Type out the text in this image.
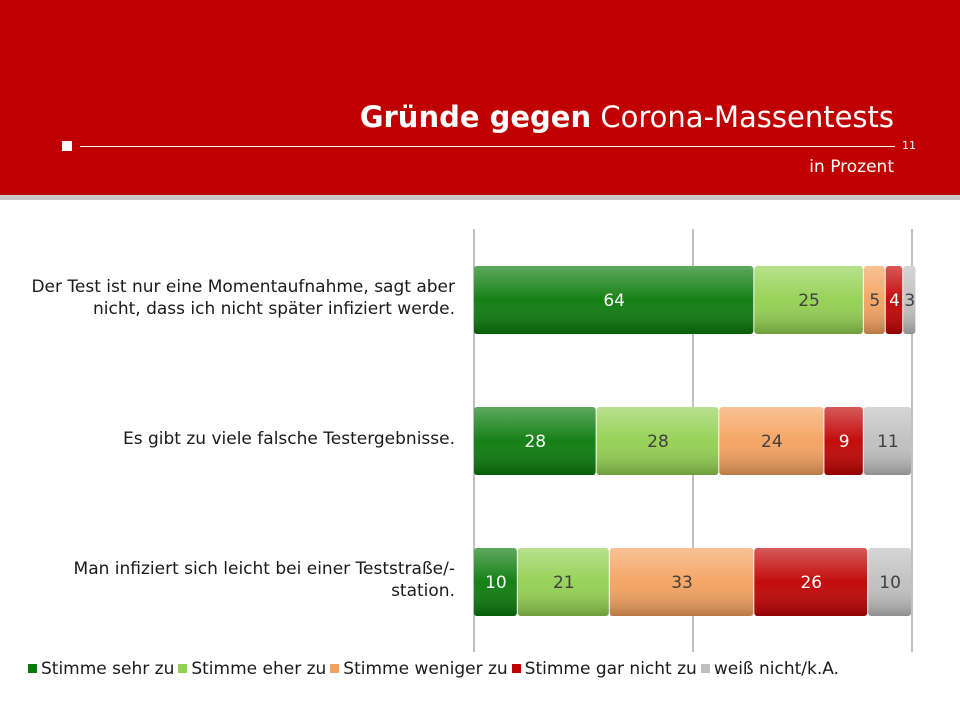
Gründe gegen Corona-Massentests
11
in Prozent
64	25	5 4 3
28	28	24	9 11
10	21	33	26	10
Der Test ist nur eine Momentaufnahme, sagt aber nicht, dass ich nicht später infiziert werde.
Es gibt zu viele falsche Testergebnisse.
Man infiziert sich leicht bei einer Teststraße/-station.
Stimme sehr zu Stimme eher zu Stimme weniger zu Stimme gar nicht zu weiß nicht/k.A.
